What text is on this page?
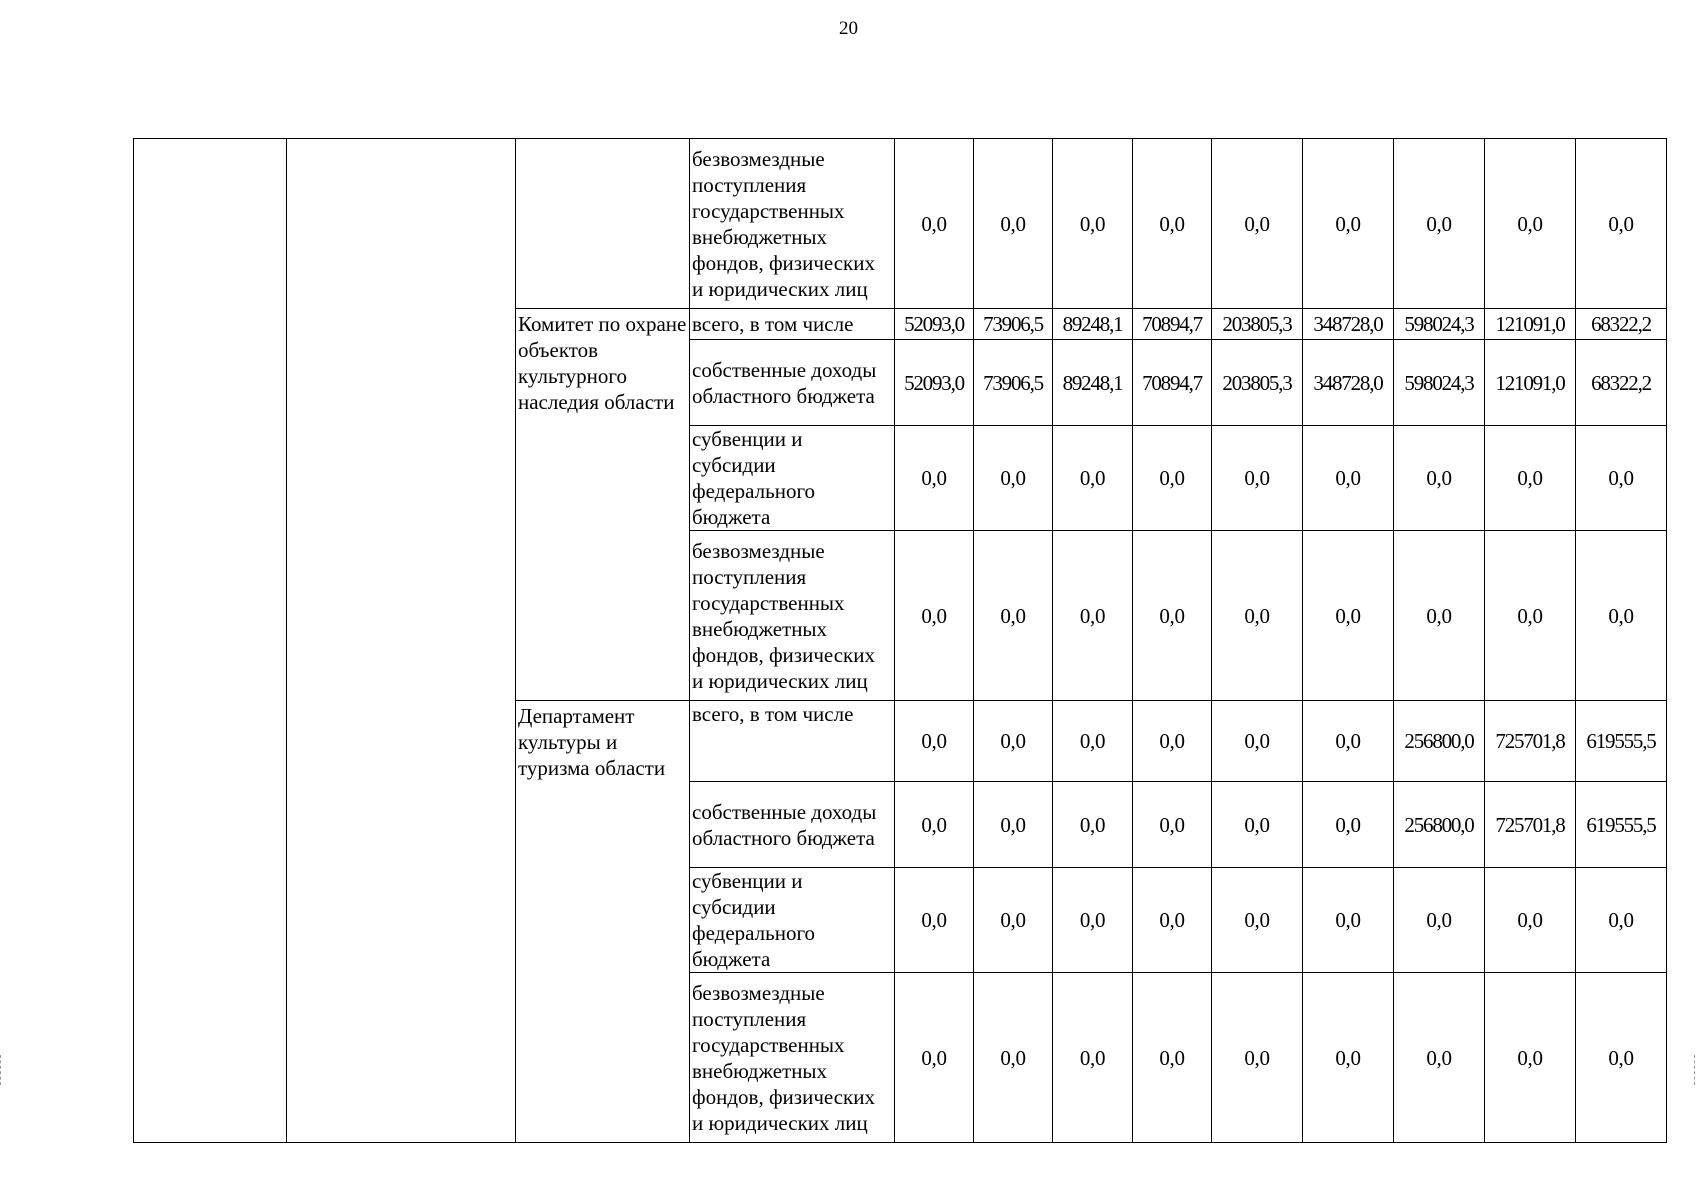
20
			безвозмездные поступления государственных внебюджетных фондов, физических и юридических лиц	0,0	0,0	0,0	0,0	0,0	0,0	0,0	0,0	0,0
		Комитет по охране объектов культурного наследия области	всего, в том числе	52093,0	73906,5	89248,1	70894,7	203805,3	348728,0	598024,3	121091,0	68322,2
			собственные доходы областного бюджета	52093,0	73906,5	89248,1	70894,7	203805,3	348728,0	598024,3	121091,0	68322,2
			субвенции и субсидии федерального бюджета	0,0	0,0	0,0	0,0	0,0	0,0	0,0	0,0	0,0
			безвозмездные поступления государственных внебюджетных фондов, физических и юридических лиц	0,0	0,0	0,0	0,0	0,0	0,0	0,0	0,0	0,0
		Департамент культуры и туризма области	всего, в том числе	0,0	0,0	0,0	0,0	0,0	0,0	256800,0	725701,8	619555,5
			собственные доходы областного бюджета	0,0	0,0	0,0	0,0	0,0	0,0	256800,0	725701,8	619555,5
			субвенции и субсидии федерального бюджета	0,0	0,0	0,0	0,0	0,0	0,0	0,0	0,0	0,0
			безвозмездные поступления государственных внебюджетных фондов, физических и юридических лиц	0,0	0,0	0,0	0,0	0,0	0,0	0,0	0,0	0,0
